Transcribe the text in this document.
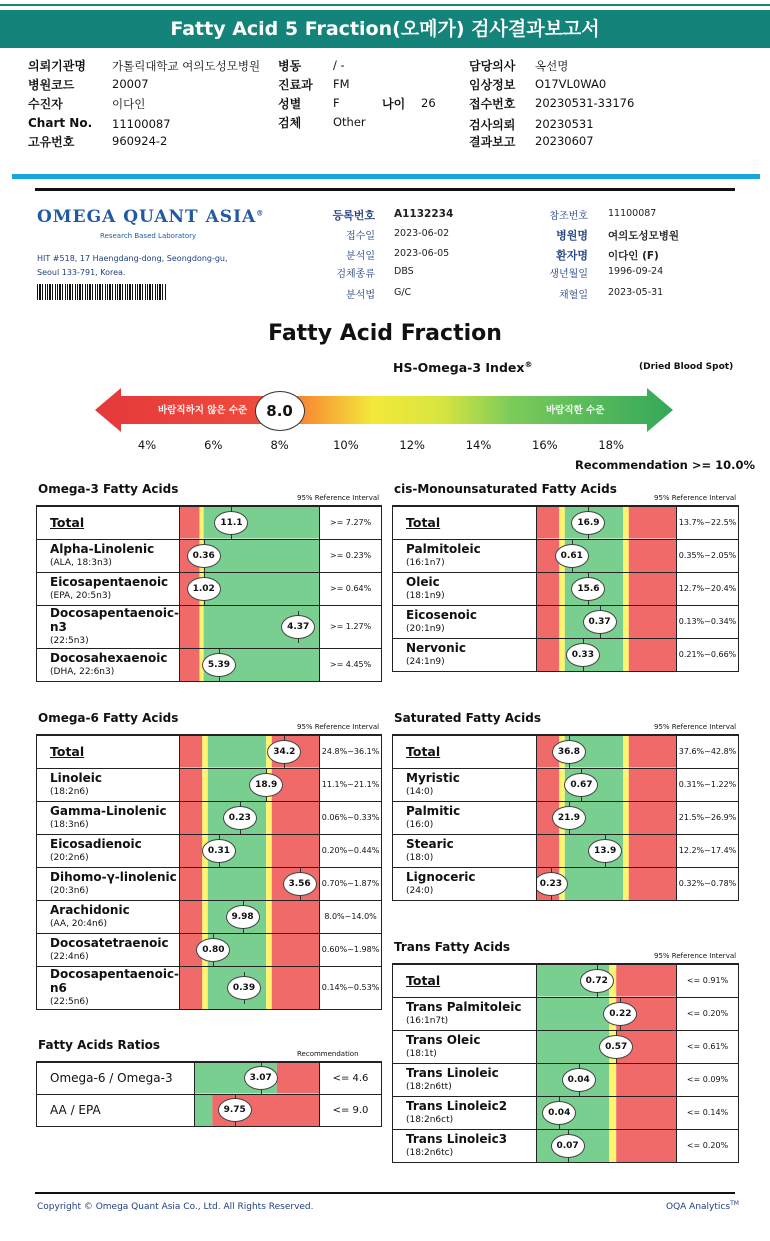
Fatty Acid 5 Fraction(오메가) 검사결과보고서
의뢰기관명 가톨릭대학교 여의도성모병원
병원코드	20007
수진자	이다인
Chart No. 11100087
고유번호	960924-2
병동	/ -
진료과 FM
성별	F
검체	Other
나이 26
담당의사 옥선명
임상정보 O17VL0WA0
접수번호 20230531-33176
검사의뢰 20230531
결과보고 20230607
OMEGA QUANT ASIA®
Research Based Laboratory
HIT #518, 17 Haengdang-dong, Seongdong-gu,
Seoul 133-791, Korea.
등록번호 A1132234
접수일 2023-06-02
분석일 2023-06-05
검체종류 DBS
분석법 G/C
참조번호 11100087
병원명 여의도성모병원
환자명 이다인 (F)
생년월일 1996-09-24
채혈일 2023-05-31
Fatty Acid Fraction
HS-Omega-3 Index®	(Dried Blood Spot)
바람직하지 않은 수준	바람직한 수준
8.0
4%	6%	8%	10%	12%	14%	16%	18%
Recommendation >= 10.0%
Omega-3 Fatty Acids
95% Reference Interval
Total	11.1	>= 7.27%
Alpha-Linolenic
(ALA, 18:3n3)	0.36	>= 0.23%
Eicosapentaenoic
(EPA, 20:5n3)	1.02	>= 0.64%
Docosapentaenoic-n3
(22:5n3)	4.37	>= 1.27%
Docosahexaenoic
(DHA, 22:6n3)	5.39	>= 4.45%
cis-Monounsaturated Fatty Acids
95% Reference Interval
Total	16.9	13.7%~22.5%
Palmitoleic
(16:1n7)	0.61	0.35%~2.05%
Oleic
(18:1n9)	15.6	12.7%~20.4%
Eicosenoic
(20:1n9)	0.37	0.13%~0.34%
Nervonic
(24:1n9)	0.33	0.21%~0.66%
Omega-6 Fatty Acids
95% Reference Interval
Total	34.2	24.8%~36.1%
Linoleic
(18:2n6)	18.9	11.1%~21.1%
Gamma-Linolenic
(18:3n6)	0.23	0.06%~0.33%
Eicosadienoic
(20:2n6)	0.31	0.20%~0.44%
Dihomo-γ-linolenic
(20:3n6)	3.56	0.70%~1.87%
Arachidonic
(AA, 20:4n6)	9.98	8.0%~14.0%
Docosatetraenoic
(22:4n6)	0.80	0.60%~1.98%
Docosapentaenoic-n6
(22:5n6)	0.39	0.14%~0.53%
Saturated Fatty Acids
95% Reference Interval
Total	36.8	37.6%~42.8%
Myristic
(14:0)	0.67	0.31%~1.22%
Palmitic
(16:0)	21.9	21.5%~26.9%
Stearic
(18:0)	13.9	12.2%~17.4%
Lignoceric
(24:0)	0.23	0.32%~0.78%
Trans Fatty Acids
95% Reference Interval
Total	0.72	<= 0.91%
Trans Palmitoleic
(16:1n7t)	0.22	<= 0.20%
Trans Oleic
(18:1t)	0.57	<= 0.61%
Trans Linoleic
(18:2n6tt)	0.04	<= 0.09%
Trans Linoleic2
(18:2n6ct)	0.04	<= 0.14%
Trans Linoleic3
(18:2n6tc)	0.07	<= 0.20%
Fatty Acids Ratios
Recommendation
Omega-6 / Omega-3	3.07	<= 4.6
AA / EPA	9.75	<= 9.0
Copyright © Omega Quant Asia Co., Ltd. All Rights Reserved.	OQA Analytics™
